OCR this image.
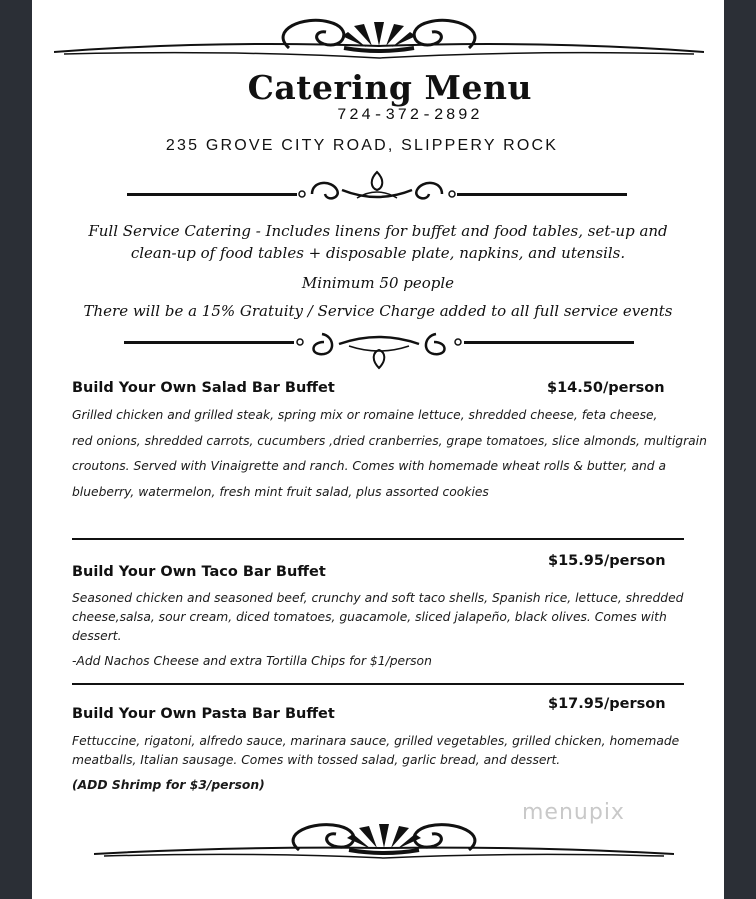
Catering Menu
724-372-2892
235 GROVE CITY ROAD, SLIPPERY ROCK
Full Service Catering - Includes linens for buffet and food tables, set-up and
clean-up of food tables + disposable plate, napkins, and utensils.
Minimum 50 people
There will be a 15% Gratuity / Service Charge added to all full service events
Build Your Own Salad Bar Buffet	$14.50/person
Grilled chicken and grilled steak, spring mix or romaine lettuce, shredded cheese, feta cheese,
red onions, shredded carrots, cucumbers ,dried cranberries, grape tomatoes, slice almonds, multigrain
croutons. Served with Vinaigrette and ranch. Comes with homemade wheat rolls & butter, and a
blueberry, watermelon, fresh mint fruit salad, plus assorted cookies
$15.95/person
Build Your Own Taco Bar Buffet
Seasoned chicken and seasoned beef, crunchy and soft taco shells, Spanish rice, lettuce, shredded
cheese,salsa, sour cream, diced tomatoes, guacamole, sliced jalapeño, black olives. Comes with
dessert.
-Add Nachos Cheese and extra Tortilla Chips for $1/person
$17.95/person
Build Your Own Pasta Bar Buffet
Fettuccine, rigatoni, alfredo sauce, marinara sauce, grilled vegetables, grilled chicken, homemade
meatballs, Italian sausage. Comes with tossed salad, garlic bread, and dessert.
(ADD Shrimp for $3/person)
menupix
